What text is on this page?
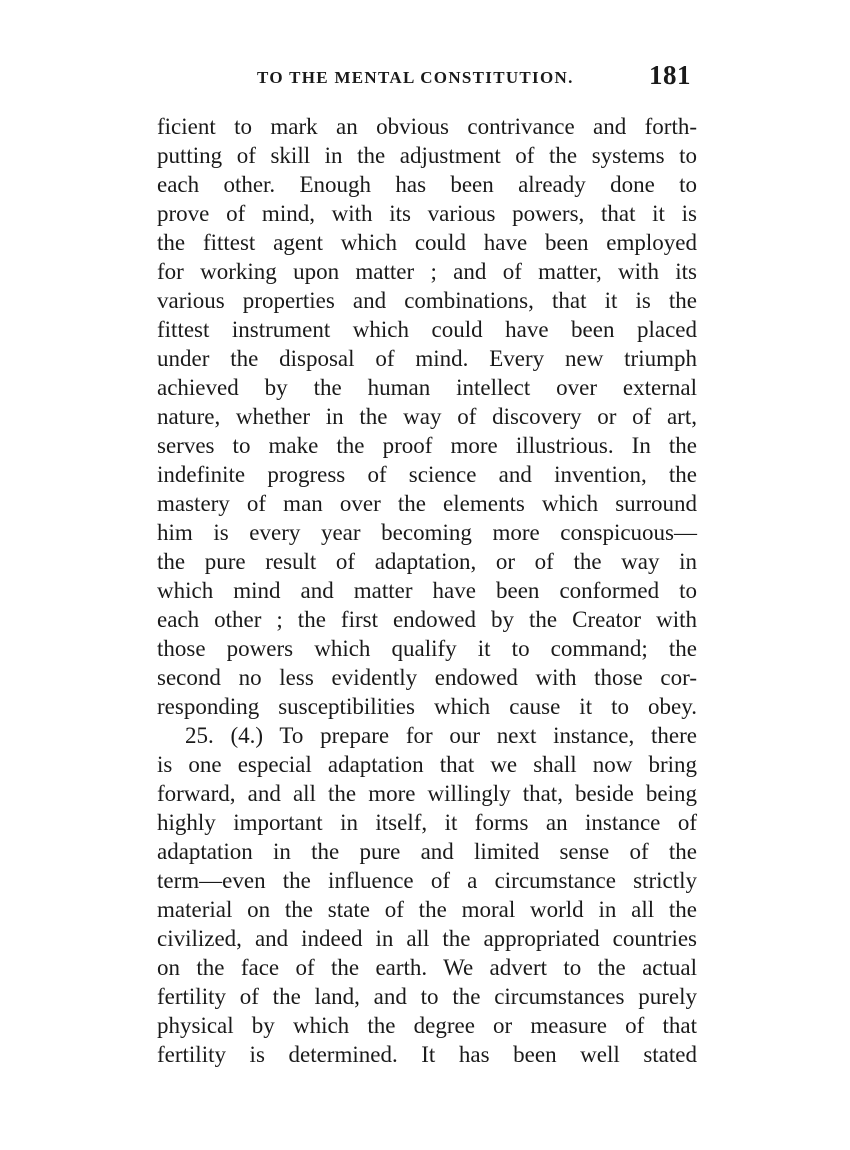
TO THE MENTAL CONSTITUTION.	181
ficient to mark an obvious contrivance and forth-
putting of skill in the adjustment of the systems to
each other. Enough has been already done to
prove of mind, with its various powers, that it is
the fittest agent which could have been employed
for working upon matter ; and of matter, with its
various properties and combinations, that it is the
fittest instrument which could have been placed
under the disposal of mind. Every new triumph
achieved by the human intellect over external
nature, whether in the way of discovery or of art,
serves to make the proof more illustrious. In the
indefinite progress of science and invention, the
mastery of man over the elements which surround
him is every year becoming more conspicuous—
the pure result of adaptation, or of the way in
which mind and matter have been conformed to
each other ; the first endowed by the Creator with
those powers which qualify it to command; the
second no less evidently endowed with those cor-
responding susceptibilities which cause it to obey.
25. (4.) To prepare for our next instance, there
is one especial adaptation that we shall now bring
forward, and all the more willingly that, beside being
highly important in itself, it forms an instance of
adaptation in the pure and limited sense of the
term—even the influence of a circumstance strictly
material on the state of the moral world in all the
civilized, and indeed in all the appropriated countries
on the face of the earth. We advert to the actual
fertility of the land, and to the circumstances purely
physical by which the degree or measure of that
fertility is determined. It has been well stated
